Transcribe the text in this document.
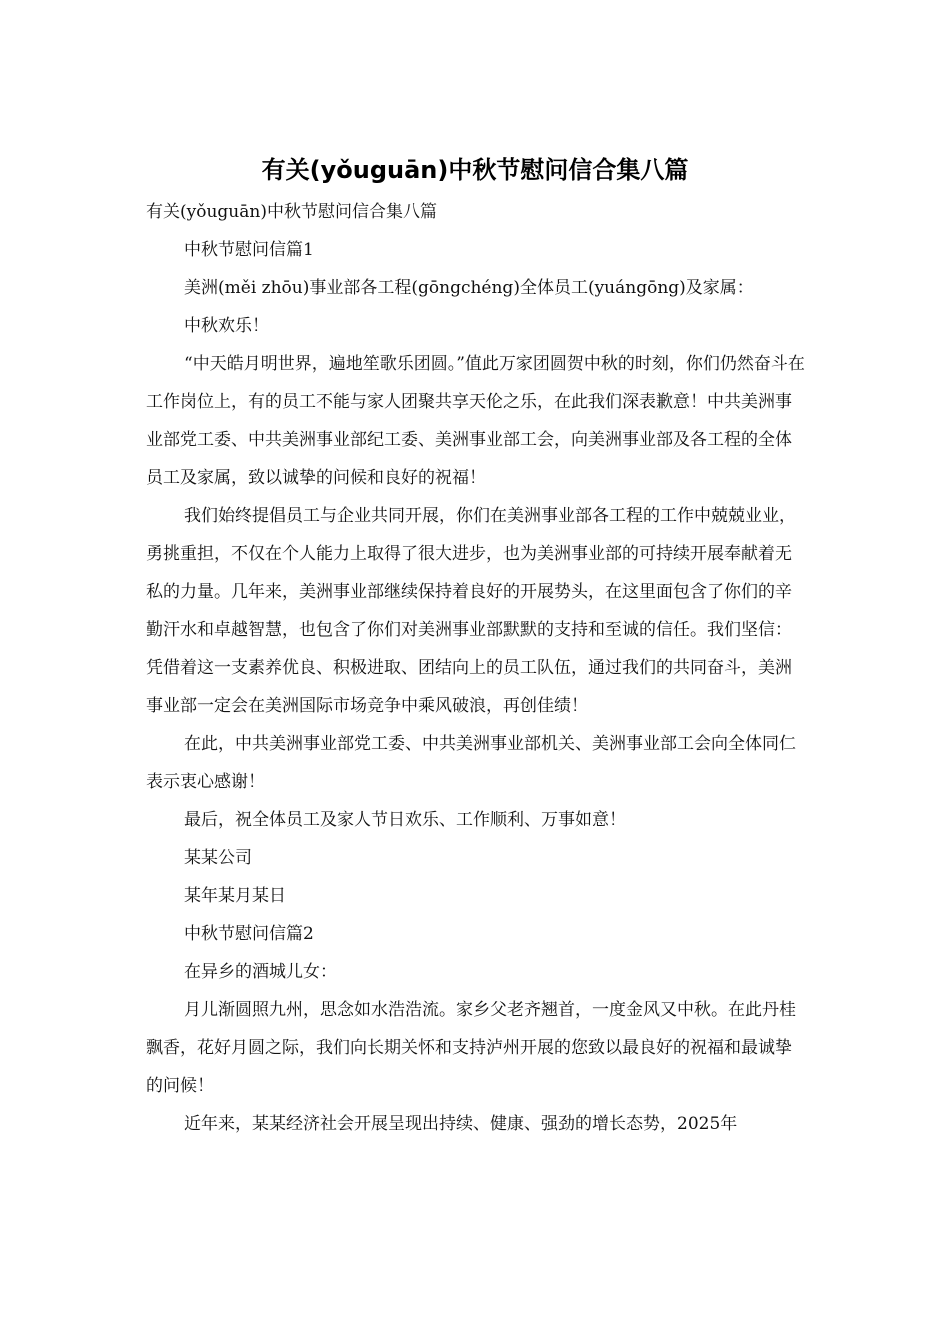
有关(yǒuguān)中秋节慰问信合集八篇

有关(yǒuguān)中秋节慰问信合集八篇

中秋节慰问信篇1

美洲(měi zhōu)事业部各工程(gōngchéng)全体员工(yuángōng)及家属：

中秋欢乐！

“中天皓月明世界，遍地笙歌乐团圆。”值此万家团圆贺中秋的时刻，你们仍然奋斗在工作岗位上，有的员工不能与家人团聚共享天伦之乐，在此我们深表歉意！中共美洲事业部党工委、中共美洲事业部纪工委、美洲事业部工会，向美洲事业部及各工程的全体员工及家属，致以诚挚的问候和良好的祝福！

我们始终提倡员工与企业共同开展，你们在美洲事业部各工程的工作中兢兢业业，勇挑重担，不仅在个人能力上取得了很大进步，也为美洲事业部的可持续开展奉献着无私的力量。几年来，美洲事业部继续保持着良好的开展势头，在这里面包含了你们的辛勤汗水和卓越智慧，也包含了你们对美洲事业部默默的支持和至诚的信任。我们坚信：凭借着这一支素养优良、积极进取、团结向上的员工队伍，通过我们的共同奋斗，美洲事业部一定会在美洲国际市场竞争中乘风破浪，再创佳绩！

在此，中共美洲事业部党工委、中共美洲事业部机关、美洲事业部工会向全体同仁表示衷心感谢！

最后，祝全体员工及家人节日欢乐、工作顺利、万事如意！

某某公司

某年某月某日

中秋节慰问信篇2

在异乡的酒城儿女：

月儿渐圆照九州，思念如水浩浩流。家乡父老齐翘首，一度金风又中秋。在此丹桂飘香，花好月圆之际，我们向长期关怀和支持泸州开展的您致以最良好的祝福和最诚挚的问候！

近年来，某某经济社会开展呈现出持续、健康、强劲的增长态势，2025年
